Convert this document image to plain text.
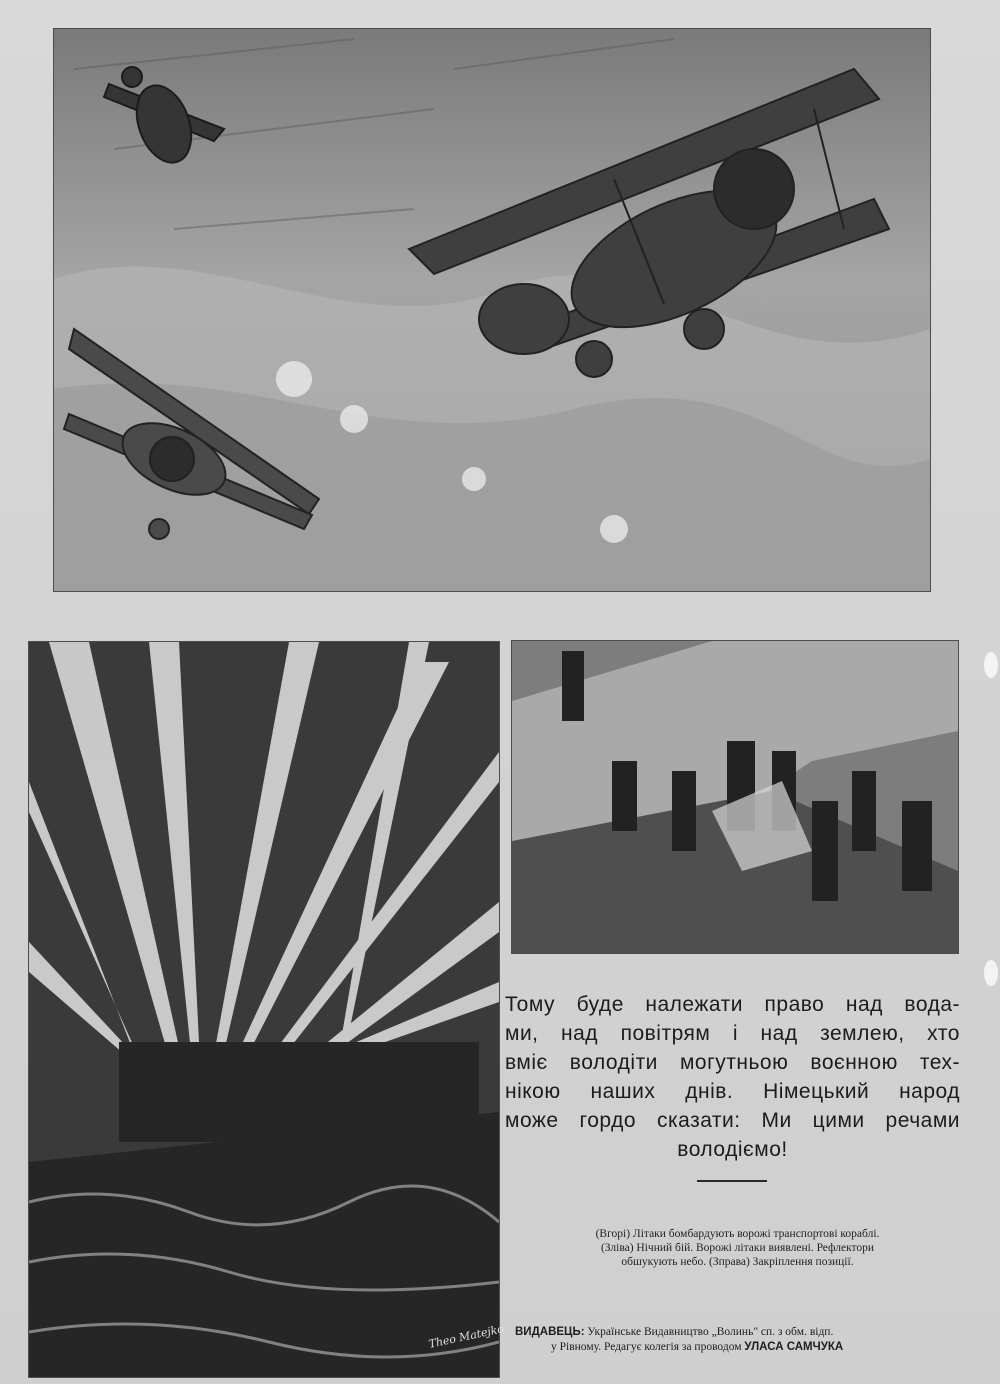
Тому буде належати право над вода-
ми, над повітрям і над землею, хто
вміє володіти могутньою воєнною тех-
нікою наших днів. Німецький народ
може гордо сказати: Ми цими речами
володіємо!
(Вгорі) Літаки бомбардують ворожі транспортові кораблі.
(Зліва) Нічний бій. Ворожі літаки виявлені. Рефлектори
обшукують небо. (Зправа) Закріплення позиції.
ВИДАВЕЦЬ: Українське Видавництво „Волинь" сп. з обм. відп.
у Рівному. Редагує колегія за проводом УЛАСА САМЧУКА
Theo Matejko
